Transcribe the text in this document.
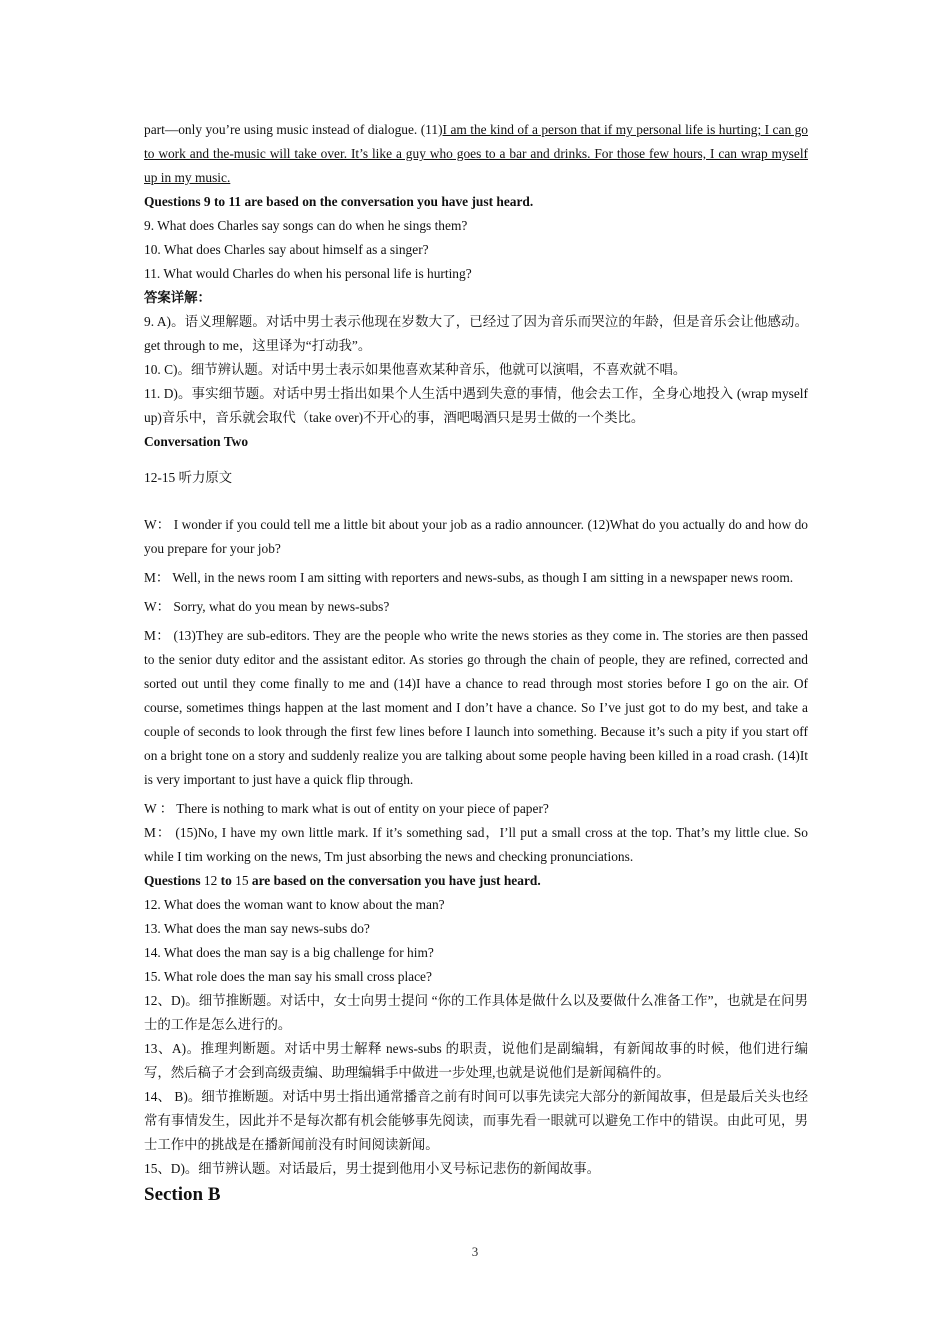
part—only you’re using music instead of dialogue. (11)I am the kind of a person that if my personal life is hurting; I can go to work and the-music will take over. It’s like a guy who goes to a bar and drinks. For those few hours, I can wrap myself up in my music.

Questions 9 to 11 are based on the conversation you have just heard.

9. What does Charles say songs can do when he sings them?

10. What does Charles say about himself as a singer?

11. What would Charles do when his personal life is hurting?

答案详解：

9. A)。语义理解题。对话中男士表示他现在岁数大了，已经过了因为音乐而哭泣的年龄，但是音乐会让他感动。get through to me，这里译为“打动我”。

10. C)。细节辨认题。对话中男士表示如果他喜欢某种音乐，他就可以演唱，不喜欢就不唱。

11. D)。事实细节题。对话中男士指出如果个人生活中遇到失意的事情，他会去工作，全身心地投入 (wrap myself up)音乐中，音乐就会取代（take over)不开心的事，酒吧喝酒只是男士做的一个类比。

Conversation Two

12-15 听力原文

W： I wonder if you could tell me a little bit about your job as a radio announcer. (12)What do you actually do and how do you prepare for your job?

M： Well, in the news room I am sitting with reporters and news-subs, as though I am sitting in a newspaper news room.

W： Sorry, what do you mean by news-subs?

M： (13)They are sub-editors. They are the people who write the news stories as they come in. The stories are then passed to the senior duty editor and the assistant editor. As stories go through the chain of people, they are refined, corrected and sorted out until they come finally to me and (14)I have a chance to read through most stories before I go on the air. Of course, sometimes things happen at the last moment and I don’t have a chance. So I’ve just got to do my best, and take a couple of seconds to look through the first few lines before I launch into something. Because it’s such a pity if you start off on a bright tone on a story and suddenly realize you are talking about some people having been killed in a road crash. (14)It is very important to just have a quick flip through.

W ： There is nothing to mark what is out of entity on your piece of paper?

M： (15)No, I have my own little mark. If it’s something sad，I’ll put a small cross at the top. That’s my little clue. So while I tim working on the news, Tm just absorbing the news and checking pronunciations.

Questions 12 to 15 are based on the conversation you have just heard.

12. What does the woman want to know about the man?

13. What does the man say news-subs do?

14. What does the man say is a big challenge for him?

15. What role does the man say his small cross place?

12、D)。细节推断题。对话中，女士向男士提问 “你的工作具体是做什么以及要做什么准备工作”，也就是在问男士的工作是怎么进行的。

13、A)。推理判断题。对话中男士解释 news-subs 的职责，说他们是副编辑，有新闻故事的时候，他们进行编写，然后稿子才会到高级责编、助理编辑手中做进一步处理,也就是说他们是新闻稿件的。

14、 B)。细节推断题。对话中男士指出通常播音之前有时间可以事先读完大部分的新闻故事，但是最后关头也经常有事情发生，因此并不是每次都有机会能够事先阅读，而事先看一眼就可以避免工作中的错误。由此可见，男士工作中的挑战是在播新闻前没有时间阅读新闻。

15、D)。细节辨认题。对话最后，男士提到他用小叉号标记悲伤的新闻故事。

Section B

3
